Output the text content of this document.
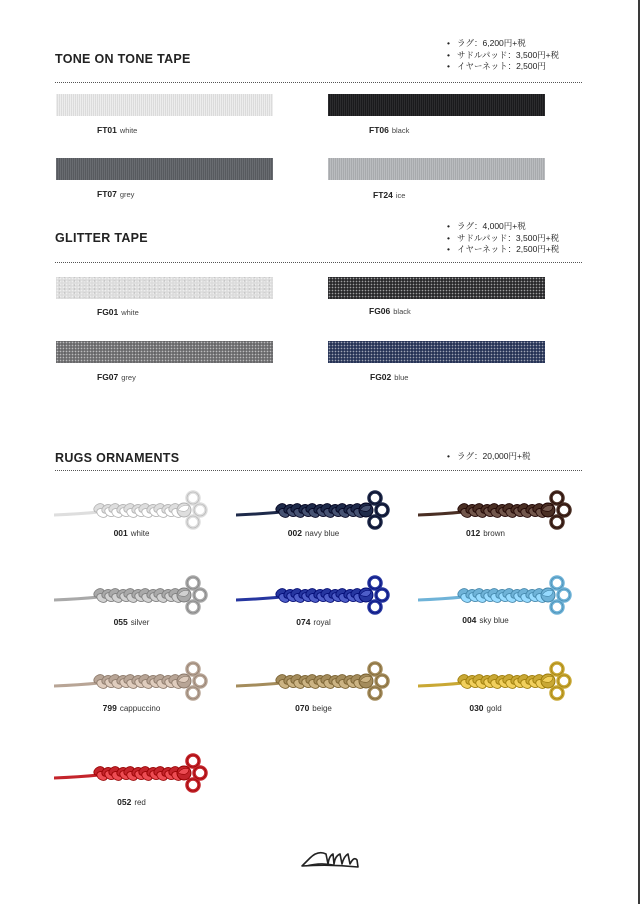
TONE ON TONE TAPE
• ラグ：6,200円+税
• サドルパッド：3,500円+税
• イヤーネット：2,500円
FT01 white	FT06 black
FT07 grey	FT24 ice
GLITTER TAPE
• ラグ：4,000円+税
• サドルパッド：3,500円+税
• イヤーネット：2,500円+税
FG01 white	FG06 black
FG07 grey	FG02 blue
RUGS ORNAMENTS
•	ラグ：20,000円+税
001 white	002 navy blue	012 brown
055 silver	074 royal	004 sky blue
799 cappuccino	070 beige	030 gold
052 red
